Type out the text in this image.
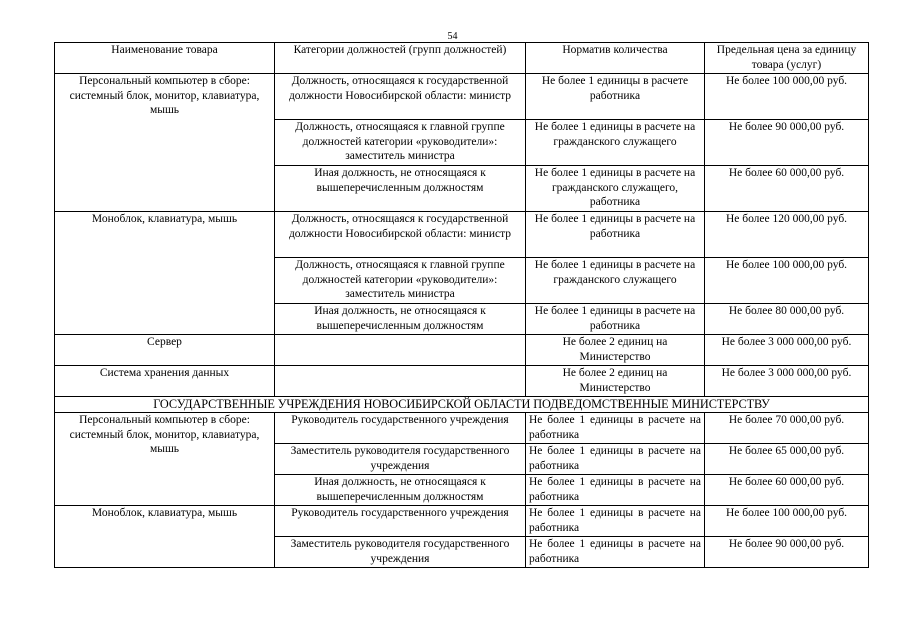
54
Наименование товара	Категории должностей (групп должностей)	Норматив количества	Предельная цена за единицу товара (услуг)
Персональный компьютер в сборе: системный блок, монитор, клавиатура, мышь	Должность, относящаяся к государственной должности Новосибирской области: министр	Не более 1 единицы в расчете работника	Не более 100 000,00 руб.
	Должность, относящаяся к главной группе должностей категории «руководители»: заместитель министра	Не более 1 единицы в расчете на гражданского служащего	Не более 90 000,00 руб.
	Иная должность, не относящаяся к вышеперечисленным должностям	Не более 1 единицы в расчете на гражданского служащего, работника	Не более 60 000,00 руб.
Моноблок, клавиатура, мышь	Должность, относящаяся к государственной должности Новосибирской области: министр	Не более 1 единицы в расчете на работника	Не более 120 000,00 руб.
	Должность, относящаяся к главной группе должностей категории «руководители»: заместитель министра	Не более 1 единицы в расчете на гражданского служащего	Не более 100 000,00 руб.
	Иная должность, не относящаяся к вышеперечисленным должностям	Не более 1 единицы в расчете на работника	Не более 80 000,00 руб.
Сервер		Не более 2 единиц на Министерство	Не более 3 000 000,00 руб.
Система хранения данных		Не более 2 единиц на Министерство	Не более 3 000 000,00 руб.
ГОСУДАРСТВЕННЫЕ УЧРЕЖДЕНИЯ НОВОСИБИРСКОЙ ОБЛАСТИ ПОДВЕДОМСТВЕННЫЕ МИНИСТЕРСТВУ			
Персональный компьютер в сборе: системный блок, монитор, клавиатура, мышь	Руководитель государственного учреждения	Не более 1 единицы в расчете на работника	Не более 70 000,00 руб.
	Заместитель руководителя государственного учреждения	Не более 1 единицы в расчете на работника	Не более 65 000,00 руб.
	Иная должность, не относящаяся к вышеперечисленным должностям	Не более 1 единицы в расчете на работника	Не более 60 000,00 руб.
Моноблок, клавиатура, мышь	Руководитель государственного учреждения	Не более 1 единицы в расчете на работника	Не более 100 000,00 руб.
	Заместитель руководителя государственного учреждения	Не более 1 единицы в расчете на работника	Не более 90 000,00 руб.
